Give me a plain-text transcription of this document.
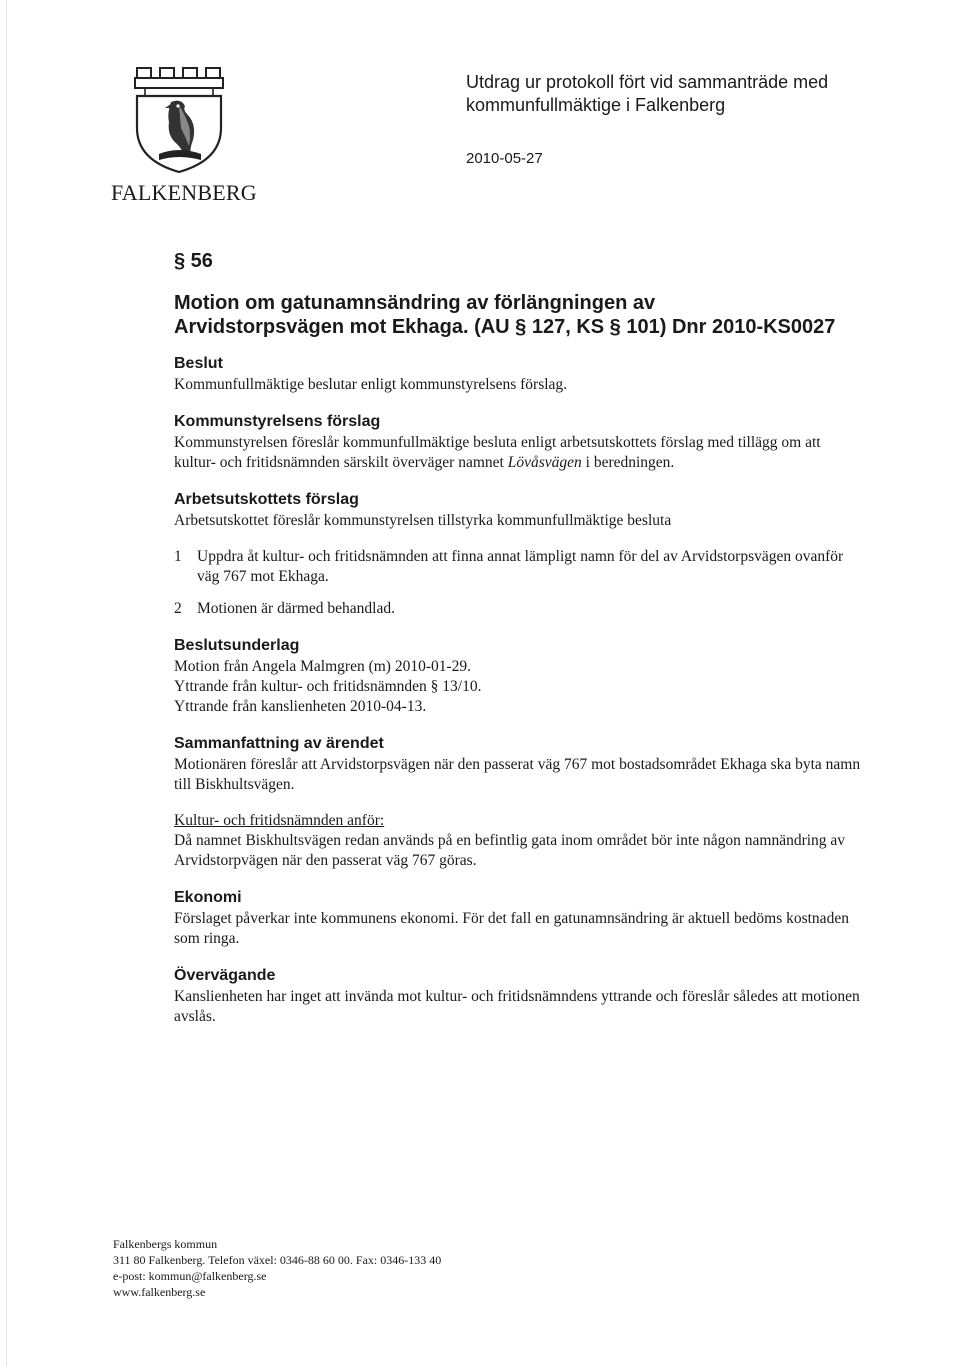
FALKENBERG
Utdrag ur protokoll fört vid sammanträde med
kommunfullmäktige i Falkenberg
2010-05-27
§ 56
Motion om gatunamnsändring av förlängningen av
Arvidstorpsvägen mot Ekhaga. (AU § 127, KS § 101) Dnr 2010-KS0027
Beslut

Kommunfullmäktige beslutar enligt kommunstyrelsens förslag.

Kommunstyrelsens förslag

Kommunstyrelsen föreslår kommunfullmäktige besluta enligt arbetsutskottets förslag med tillägg om att kultur- och fritidsnämnden särskilt överväger namnet Lövåsvägen i beredningen.

Arbetsutskottets förslag

Arbetsutskottet föreslår kommunstyrelsen tillstyrka kommunfullmäktige besluta

1 Uppdra åt kultur- och fritidsnämnden att finna annat lämpligt namn för del av Arvidstorpsvägen ovanför väg 767 mot Ekhaga.
2 Motionen är därmed behandlad.
Beslutsunderlag

Motion från Angela Malmgren (m) 2010-01-29.

Yttrande från kultur- och fritidsnämnden § 13/10.

Yttrande från kanslienheten 2010-04-13.

Sammanfattning av ärendet

Motionären föreslår att Arvidstorpsvägen när den passerat väg 767 mot bostadsområdet Ekhaga ska byta namn till Biskhultsvägen.

Kultur- och fritidsnämnden anför:

Då namnet Biskhultsvägen redan används på en befintlig gata inom området bör inte någon namnändring av Arvidstorpvägen när den passerat väg 767 göras.

Ekonomi

Förslaget påverkar inte kommunens ekonomi. För det fall en gatunamnsändring är aktuell bedöms kostnaden som ringa.

Övervägande

Kanslienheten har inget att invända mot kultur- och fritidsnämndens yttrande och föreslår således att motionen avslås.

Falkenbergs kommun
311 80 Falkenberg. Telefon växel: 0346-88 60 00. Fax: 0346-133 40
e-post: kommun@falkenberg.se
www.falkenberg.se
